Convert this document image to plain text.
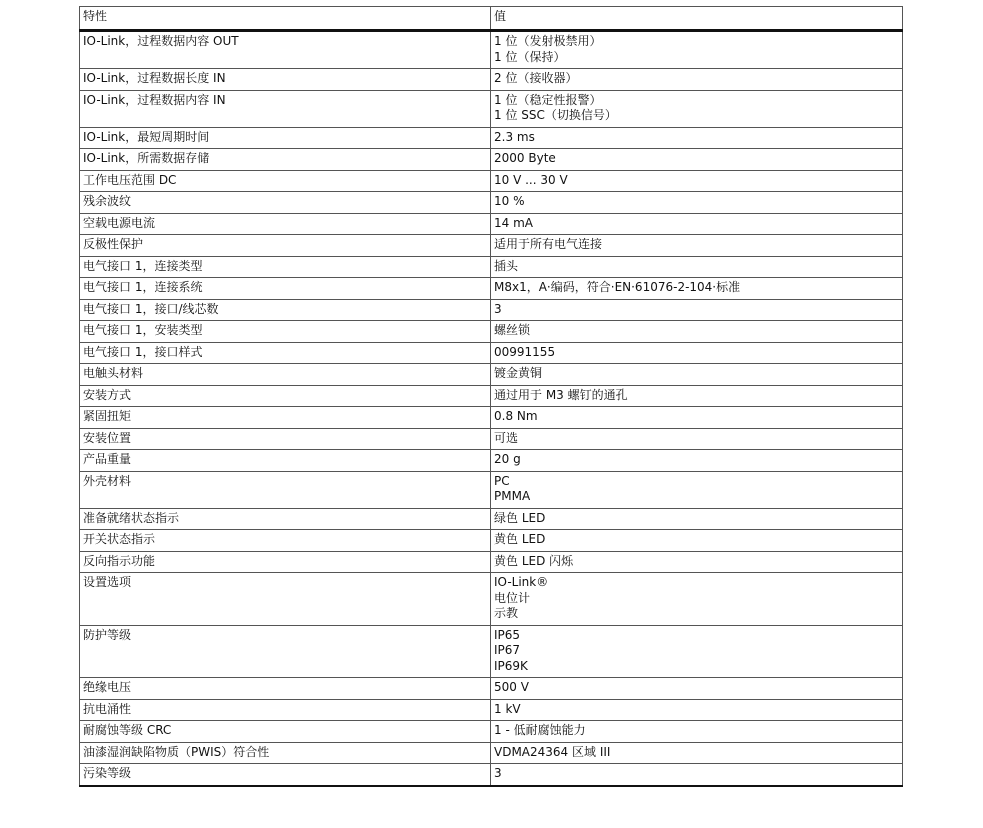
特性	值
IO-Link，过程数据内容 OUT	1 位（发射极禁用）
1 位（保持）

IO-Link，过程数据长度 IN	2 位（接收器）

IO-Link，过程数据内容 IN	1 位（稳定性报警）
1 位 SSC（切换信号）

IO-Link，最短周期时间	2.3 ms

IO-Link，所需数据存储	2000 Byte

工作电压范围 DC	10 V ... 30 V

残余波纹	10 %

空载电源电流	14 mA

反极性保护	适用于所有电气连接

电气接口 1，连接类型	插头

电气接口 1，连接系统	M8x1，A·编码，符合·EN·61076-2-104·标准

电气接口 1，接口/线芯数	3

电气接口 1，安装类型	螺丝锁

电气接口 1，接口样式	00991155

电触头材料	镀金黄铜

安装方式	通过用于 M3 螺钉的通孔

紧固扭矩	0.8 Nm

安装位置	可选

产品重量	20 g

外壳材料	PC
PMMA

准备就绪状态指示	绿色 LED

开关状态指示	黄色 LED

反向指示功能	黄色 LED 闪烁

设置选项	IO-Link®
电位计
示教

防护等级	IP65
IP67
IP69K

绝缘电压	500 V

抗电涌性	1 kV

耐腐蚀等级 CRC	1 - 低耐腐蚀能力

油漆湿润缺陷物质（PWIS）符合性	VDMA24364 区域 III

污染等级	3
